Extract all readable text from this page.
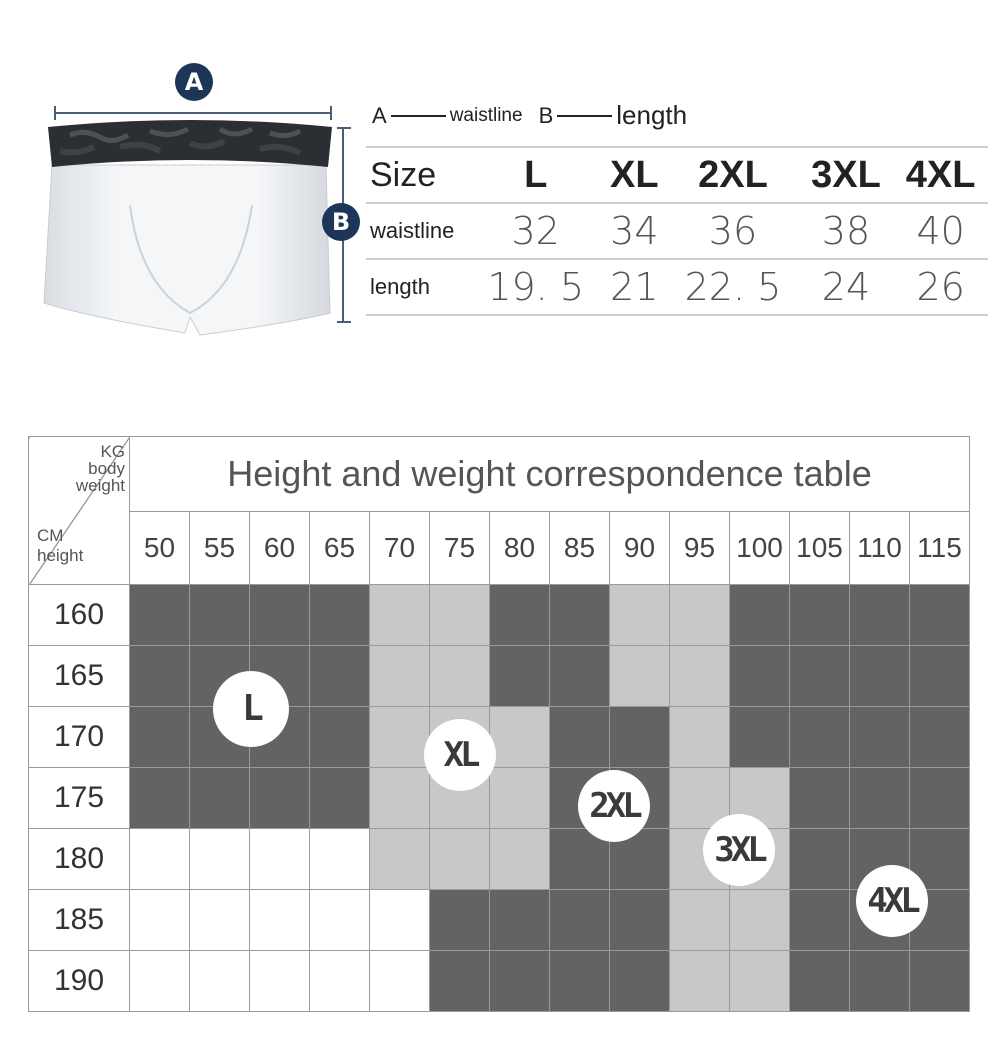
A
B
A	waistline B length
Size	L	XL	2XL	3XL	4XL
waistline	32	34	36	38	40
length	19. 5	21	22. 5	24	26
KG
body
weight
CM
height	Height and weight correspondence table													
	50	55	60	65	70	75	80	85	90	95	100	105	110	115
160														
165														
170														
175														
180														
185														
190														
L
XL
2XL
3XL
4XL
